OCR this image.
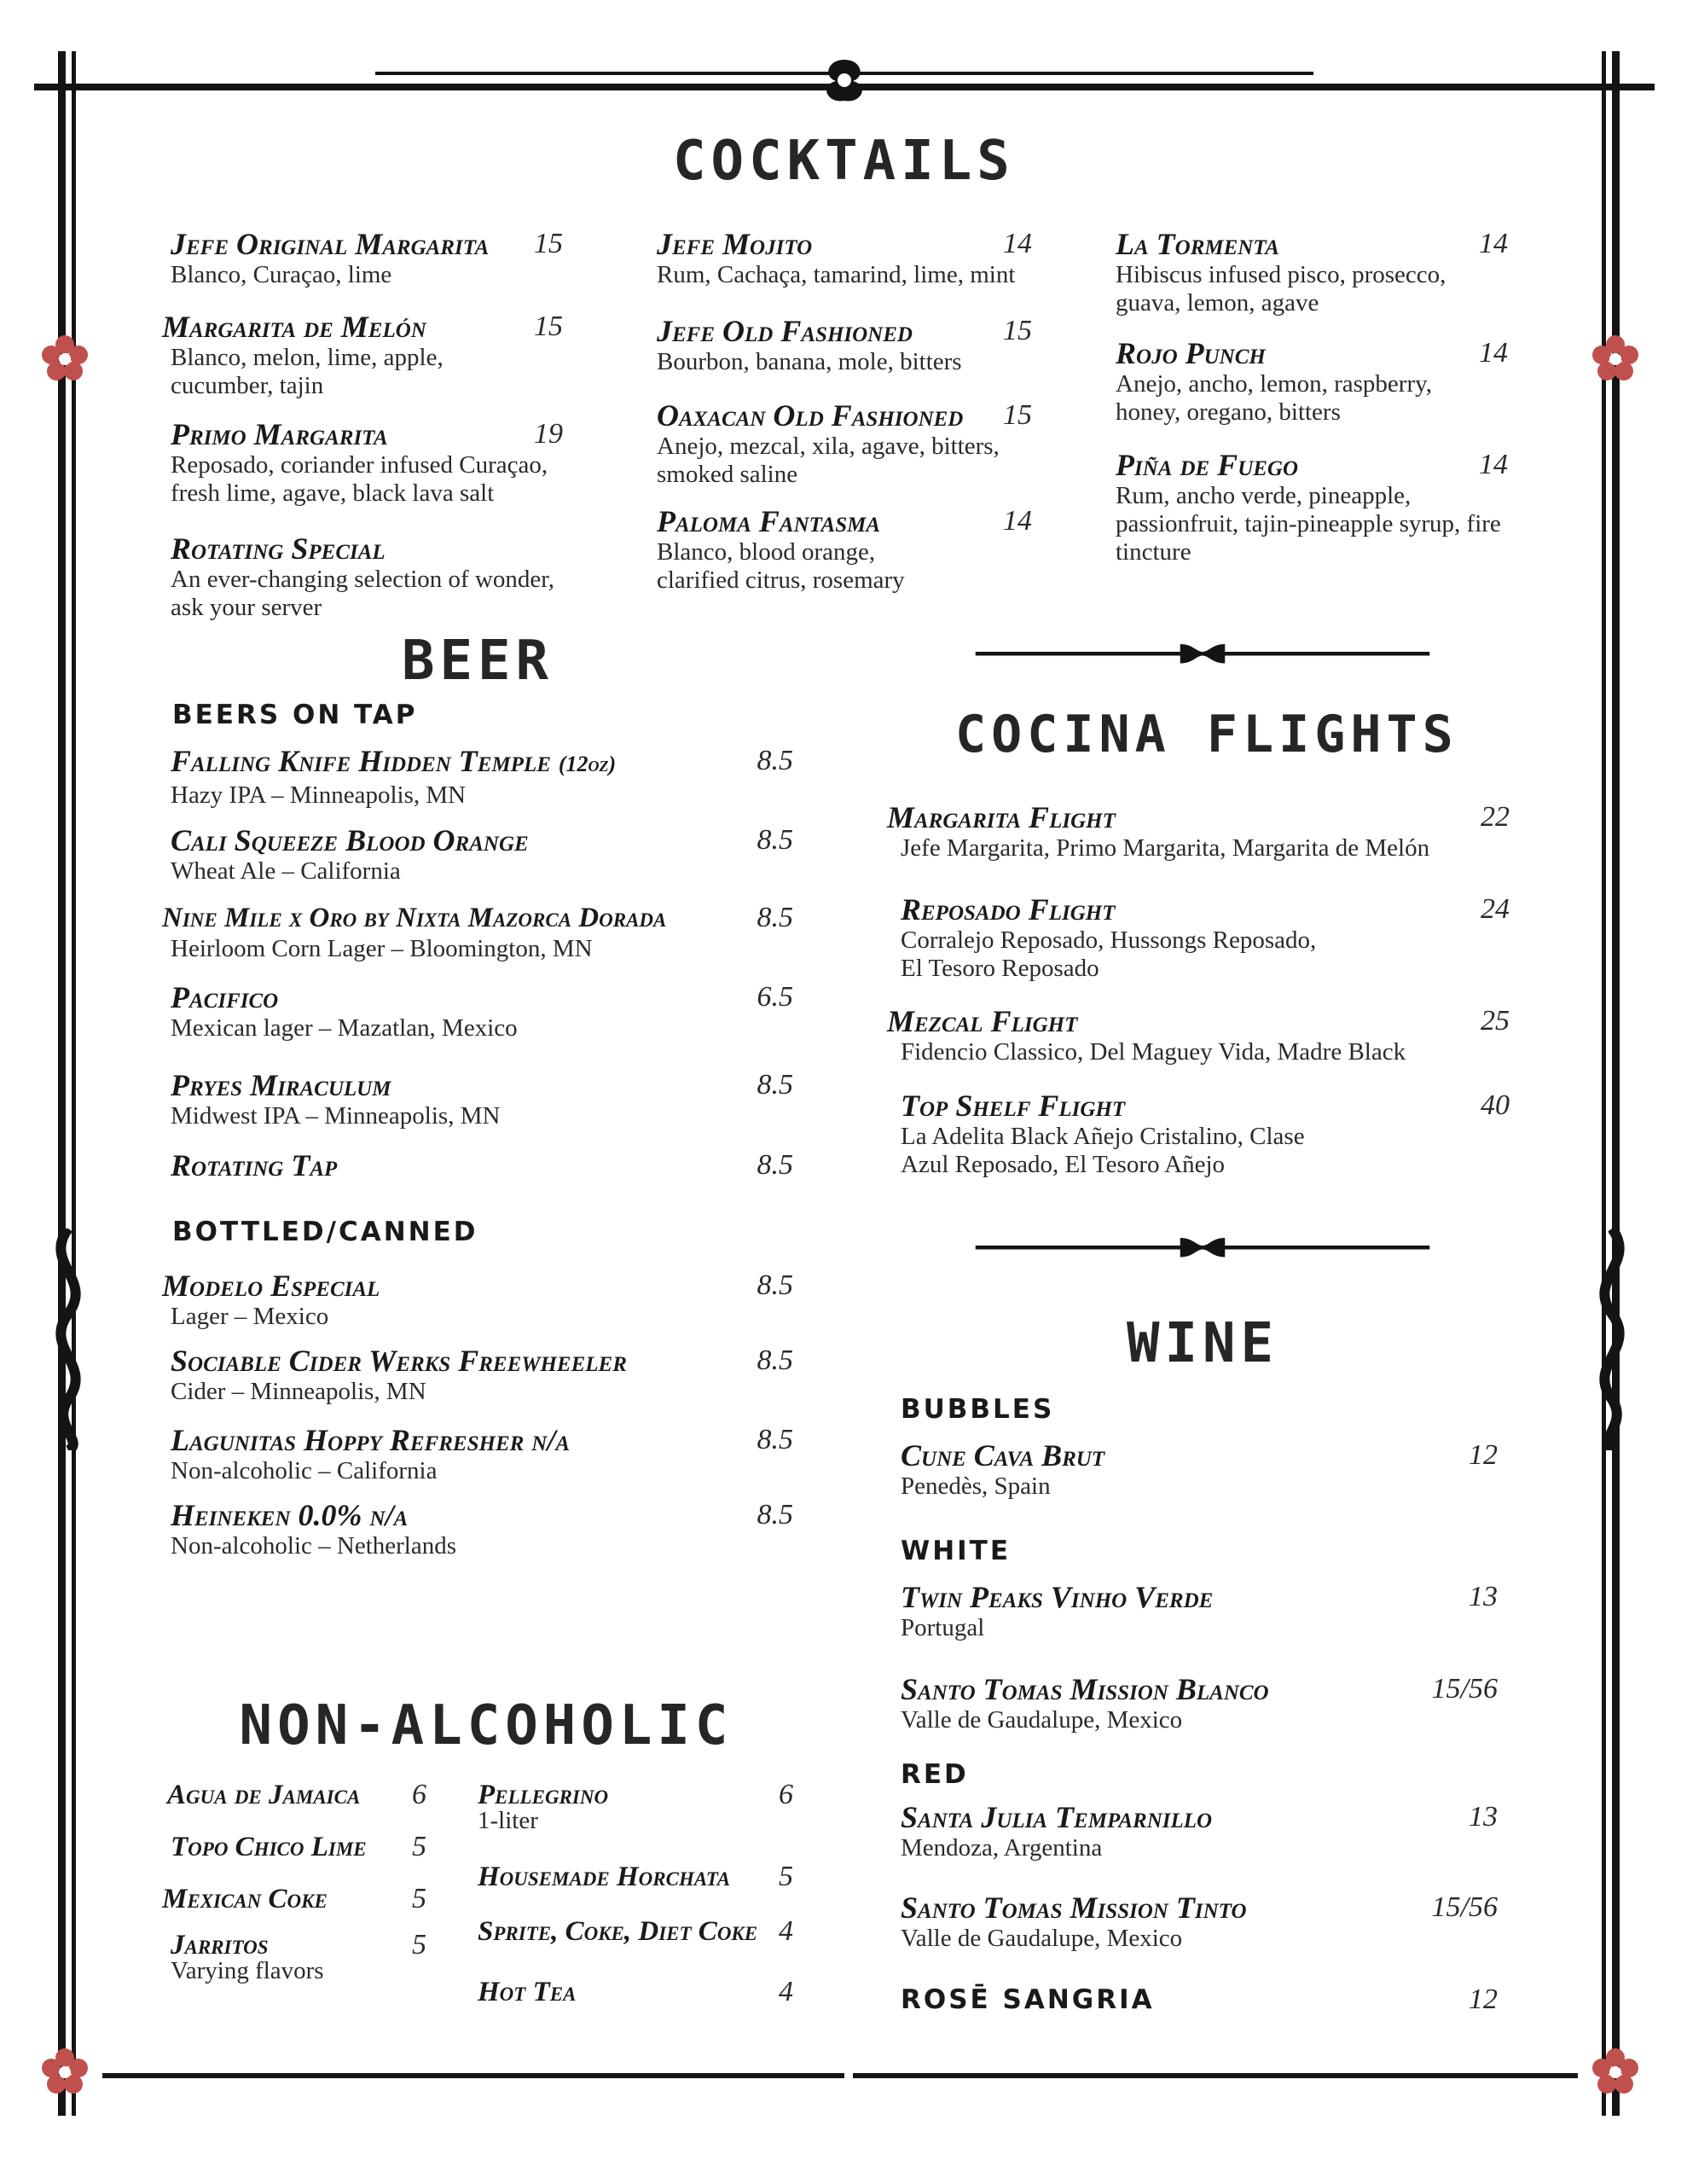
COCKTAILS
Jefe Original Margarita	15
Blanco, Curaçao, lime
Margarita de Melón	15
Blanco, melon, lime, apple, cucumber, tajin
Primo Margarita	19
Reposado, coriander infused Curaçao, fresh lime, agave, black lava salt
Rotating Special
An ever-changing selection of wonder, ask your server
Jefe Mojito	14
Rum, Cachaça, tamarind, lime, mint
Jefe Old Fashioned	15
Bourbon, banana, mole, bitters
Oaxacan Old Fashioned	15
Anejo, mezcal, xila, agave, bitters, smoked saline
Paloma Fantasma	14
Blanco, blood orange, clarified citrus, rosemary
La Tormenta	14
Hibiscus infused pisco, prosecco, guava, lemon, agave
Rojo Punch	14
Anejo, ancho, lemon, raspberry, honey, oregano, bitters
Piña de Fuego	14
Rum, ancho verde, pineapple, passionfruit, tajin-pineapple syrup, fire tincture
BEER
BEERS ON TAP
Falling Knife Hidden Temple (12oz)	8.5
Hazy IPA – Minneapolis, MN
Cali Squeeze Blood Orange	8.5
Wheat Ale – California
Nine Mile x Oro by Nixta Mazorca Dorada	8.5
Heirloom Corn Lager – Bloomington, MN
Pacifico	6.5
Mexican lager – Mazatlan, Mexico
Pryes Miraculum	8.5
Midwest IPA – Minneapolis, MN
Rotating Tap	8.5
BOTTLED/CANNED
Modelo Especial	8.5
Lager – Mexico
Sociable Cider Werks Freewheeler	8.5
Cider – Minneapolis, MN
Lagunitas Hoppy Refresher n/a	8.5
Non-alcoholic – California
Heineken 0.0% n/a	8.5
Non-alcoholic – Netherlands
NON-ALCOHOLIC
Agua de Jamaica	6
Topo Chico Lime	5
Mexican Coke	5
Jarritos	5
Varying flavors
Pellegrino	6
1-liter
Housemade Horchata	5
Sprite, Coke, Diet Coke 4
Hot Tea	4
COCINA FLIGHTS
Margarita Flight	22
Jefe Margarita, Primo Margarita, Margarita de Melón
Reposado Flight	24
Corralejo Reposado, Hussongs Reposado, El Tesoro Reposado
Mezcal Flight	25
Fidencio Classico, Del Maguey Vida, Madre Black
Top Shelf Flight	40
La Adelita Black Añejo Cristalino, Clase Azul Reposado, El Tesoro Añejo
WINE
BUBBLES
Cune Cava Brut	12
Penedès, Spain
WHITE
Twin Peaks Vinho Verde	13
Portugal
Santo Tomas Mission Blanco	15/56
Valle de Gaudalupe, Mexico
RED
Santa Julia Temparnillo	13
Mendoza, Argentina
Santo Tomas Mission Tinto	15/56
Valle de Gaudalupe, Mexico
ROSĒ SANGRIA	12
